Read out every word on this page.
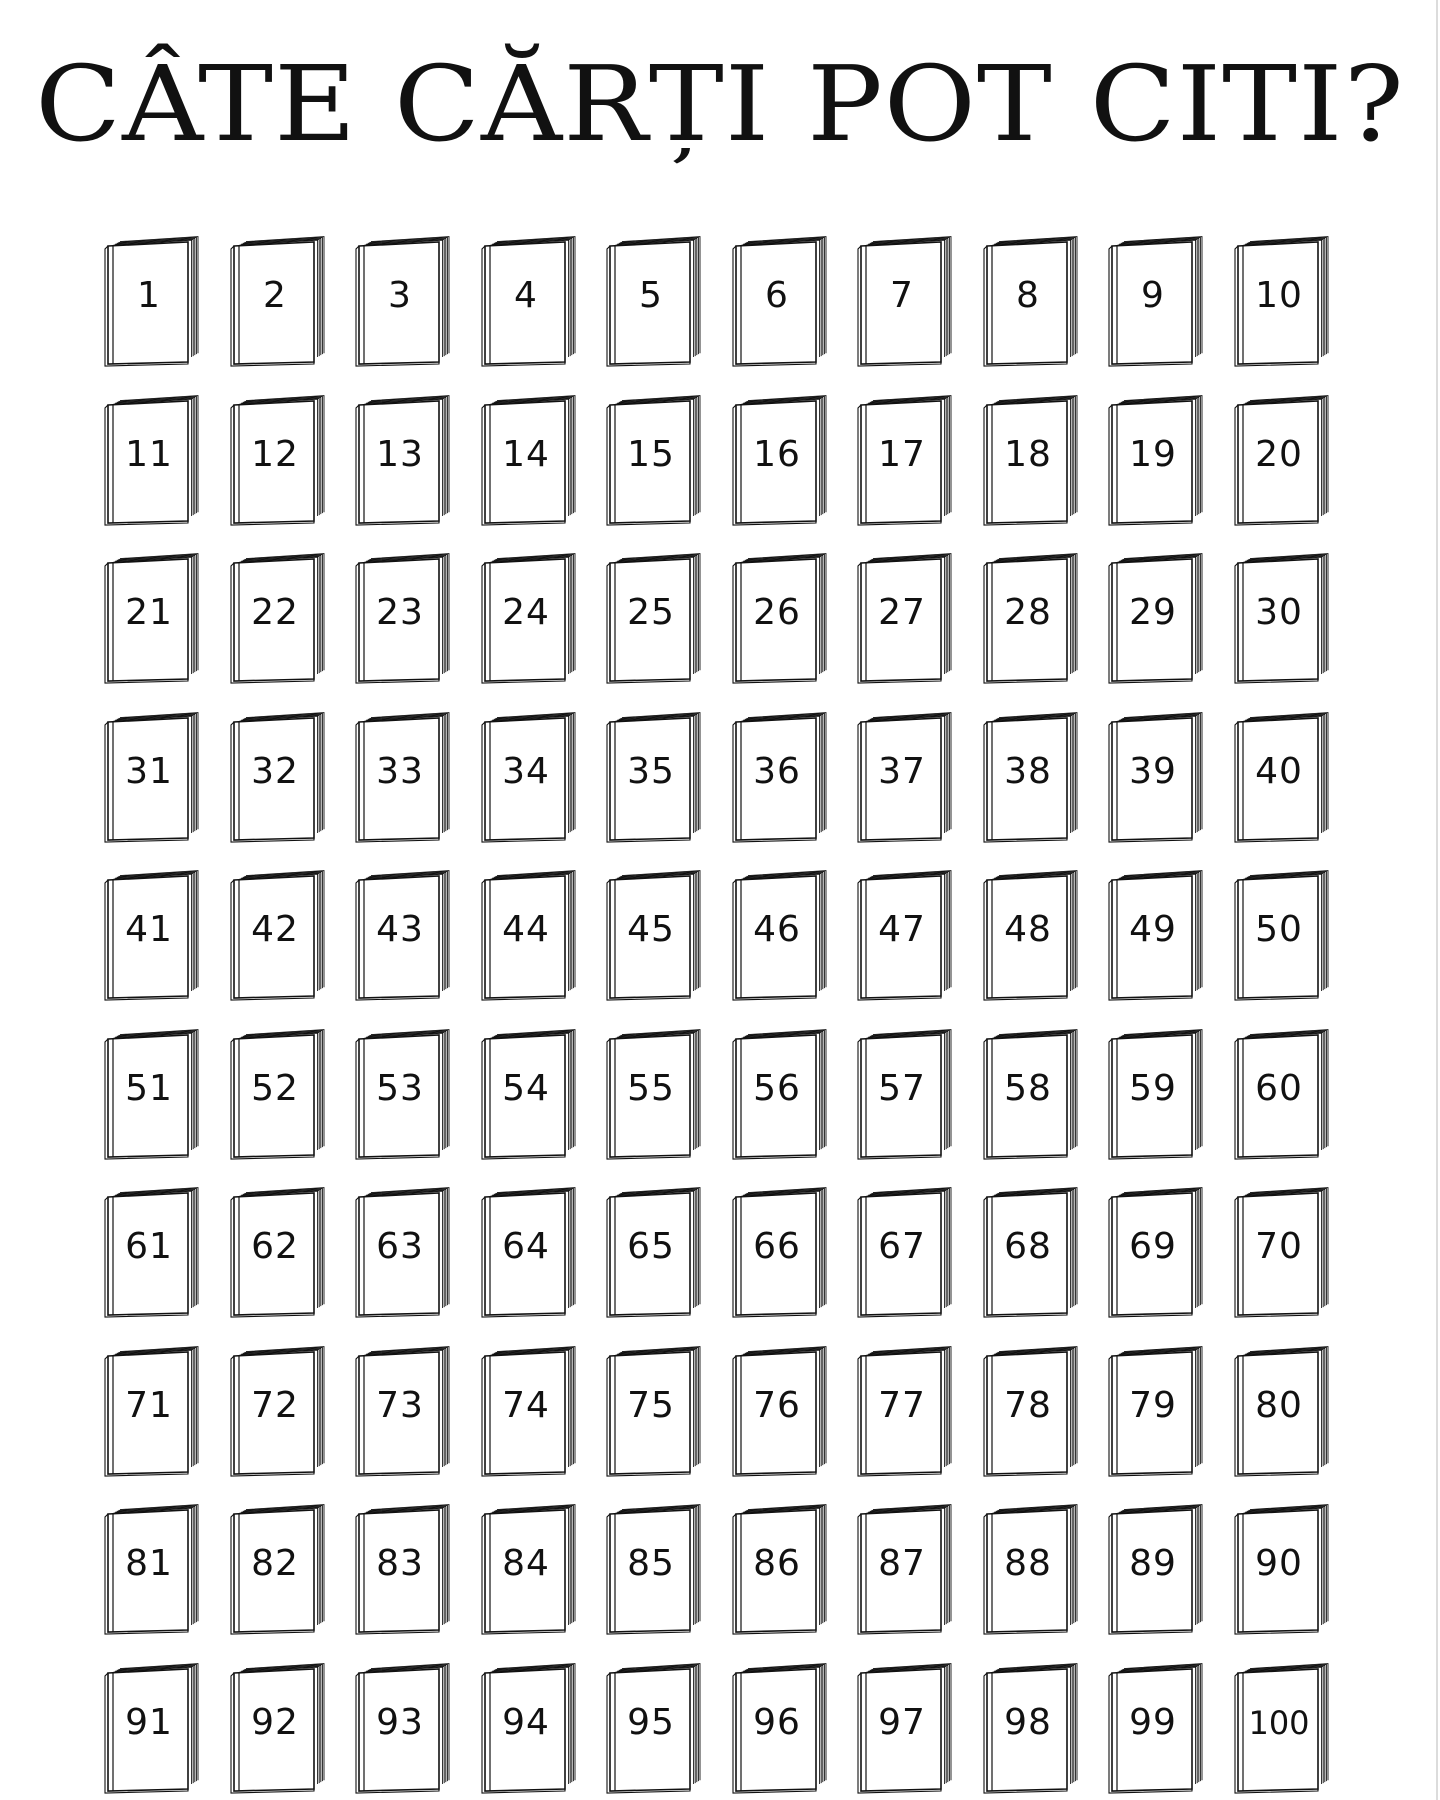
CÂTE CĂRȚI POT CITI?
1	2	3	4	5	6	7	8	9	10
11	12	13	14	15	16	17	18	19	20
21	22	23	24	25	26	27	28	29	30
31	32	33	34	35	36	37	38	39	40
41	42	43	44	45	46	47	48	49	50
51	52	53	54	55	56	57	58	59	60
61	62	63	64	65	66	67	68	69	70
71	72	73	74	75	76	77	78	79	80
81	82	83	84	85	86	87	88	89	90
91	92	93	94	95	96	97	98	99	100
